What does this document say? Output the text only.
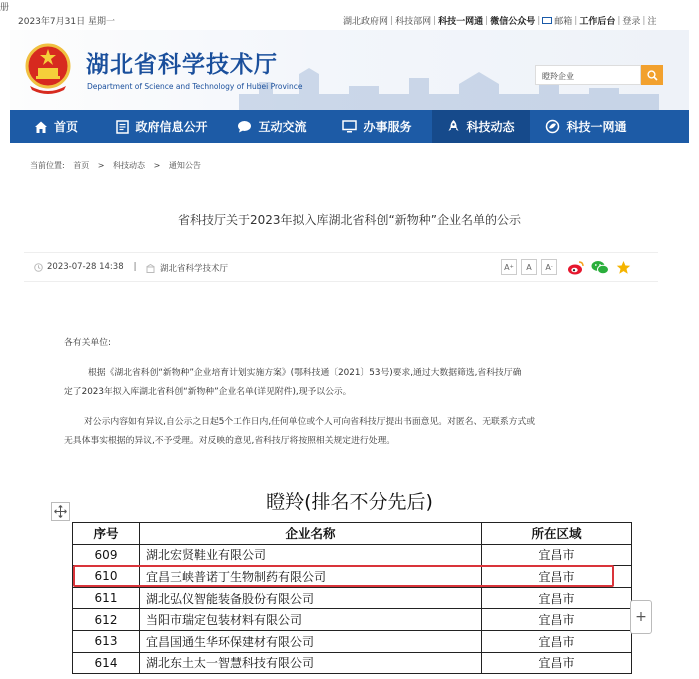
2023年7月31日 星期一	湖北政府网 | 科技部网 | 科技一网通 | 微信公众号 | 邮箱 | 工作后台 | 登录 | 注
湖北省科学技术厅
Department of Science and Technology of Hubei Province
瞪羚企业
册
首页	政府信息公开	互动交流	办事服务	科技动态	科技一网通
当前位置: 首页 > 科技动态 > 通知公告
省科技厅关于2023年拟入库湖北省科创“新物种”企业名单的公示
2023-07-28 14:38 |	湖北省科学技术厅	A + A A -
各有关单位:
根据《湖北省科创“新物种”企业培育计划实施方案》(鄂科技通〔2021〕53号)要求,通过大数据筛选,省科技厅确
定了2023年拟入库湖北省科创“新物种”企业名单(详见附件),现予以公示。
对公示内容如有异议,自公示之日起5个工作日内,任何单位或个人可向省科技厅提出书面意见。对匿名、无联系方式或
无具体事实根据的异议,不予受理。对反映的意见,省科技厅将按照相关规定进行处理。
瞪羚(排名不分先后)
序号	企业名称	所在区域
609	湖北宏贤鞋业有限公司	宜昌市
610	宜昌三峡普诺丁生物制药有限公司	宜昌市
611	湖北弘仪智能装备股份有限公司	宜昌市
612	当阳市瑞定包装材料有限公司	宜昌市
613	宜昌国通生华环保建材有限公司	宜昌市
614	湖北东土太一智慧科技有限公司	宜昌市
+
